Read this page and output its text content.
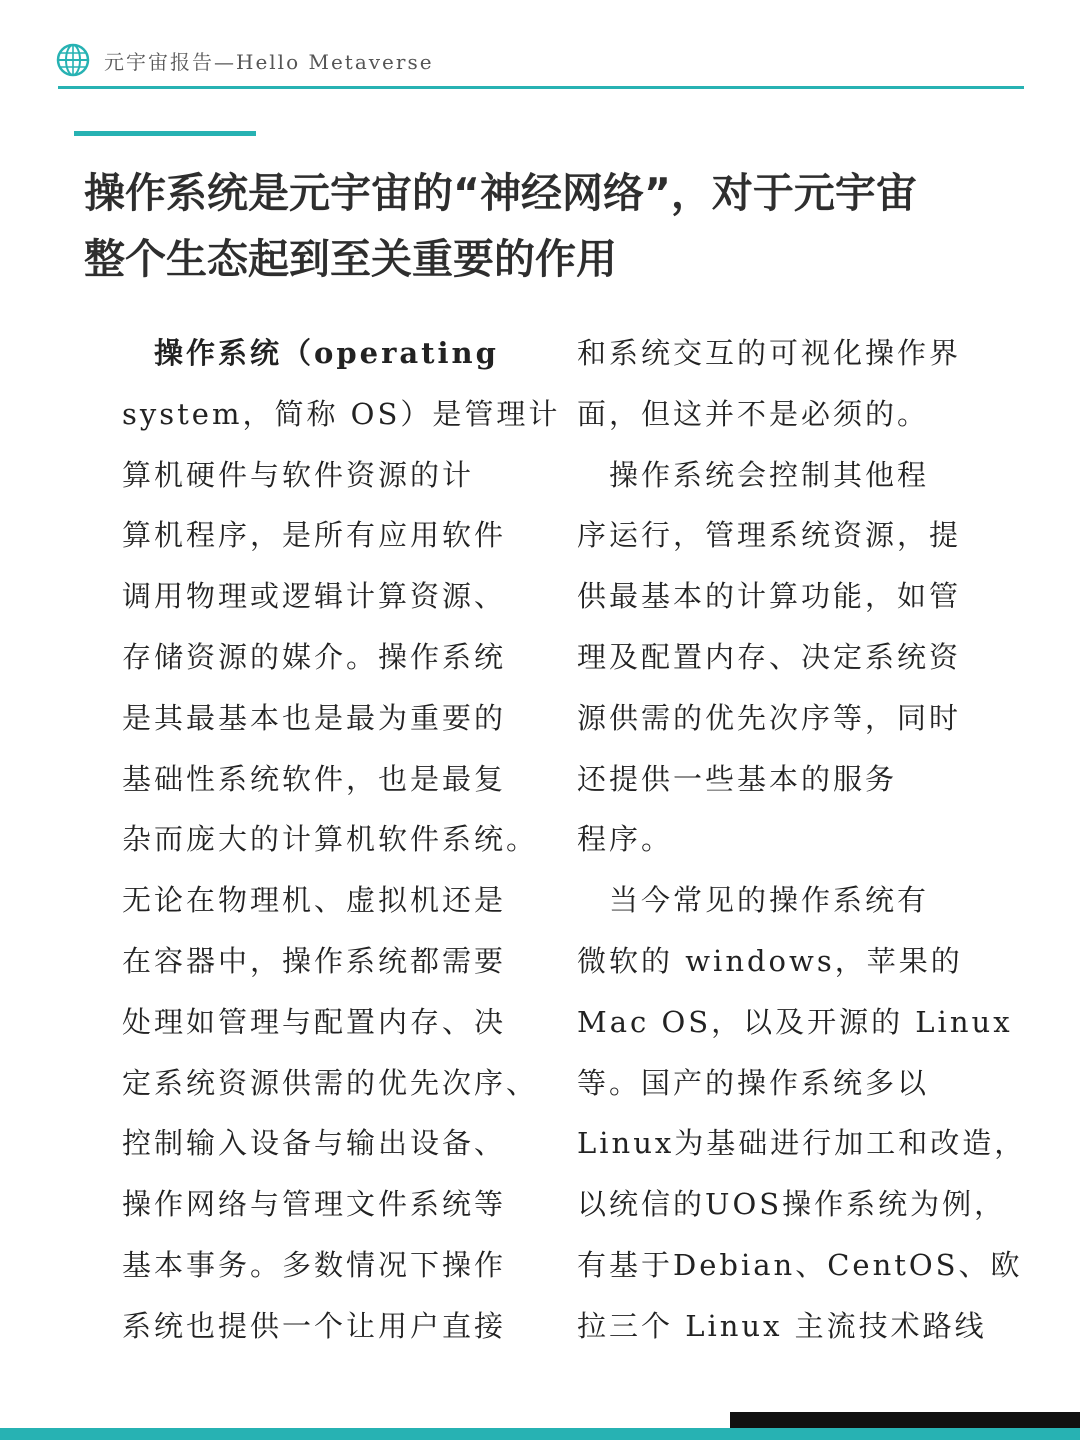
元宇宙报告—Hello Metaverse
操作系统是元宇宙的“神经网络”，对于元宇宙
整个生态起到至关重要的作用
　操作系统（operating
system，简称 OS）是管理计
算机硬件与软件资源的计
算机程序，是所有应用软件
调用物理或逻辑计算资源、
存储资源的媒介。操作系统
是其最基本也是最为重要的
基础性系统软件，也是最复
杂而庞大的计算机软件系统。
无论在物理机、虚拟机还是
在容器中，操作系统都需要
处理如管理与配置内存、决
定系统资源供需的优先次序、
控制输入设备与输出设备、
操作网络与管理文件系统等
基本事务。多数情况下操作
系统也提供一个让用户直接
和系统交互的可视化操作界
面，但这并不是必须的。
　操作系统会控制其他程
序运行，管理系统资源，提
供最基本的计算功能，如管
理及配置内存、决定系统资
源供需的优先次序等，同时
还提供一些基本的服务
程序。
　当今常见的操作系统有
微软的 windows，苹果的
Mac OS，以及开源的 Linux
等。国产的操作系统多以
Linux为基础进行加工和改造，
以统信的UOS操作系统为例，
有基于Debian、CentOS、欧
拉三个 Linux 主流技术路线
